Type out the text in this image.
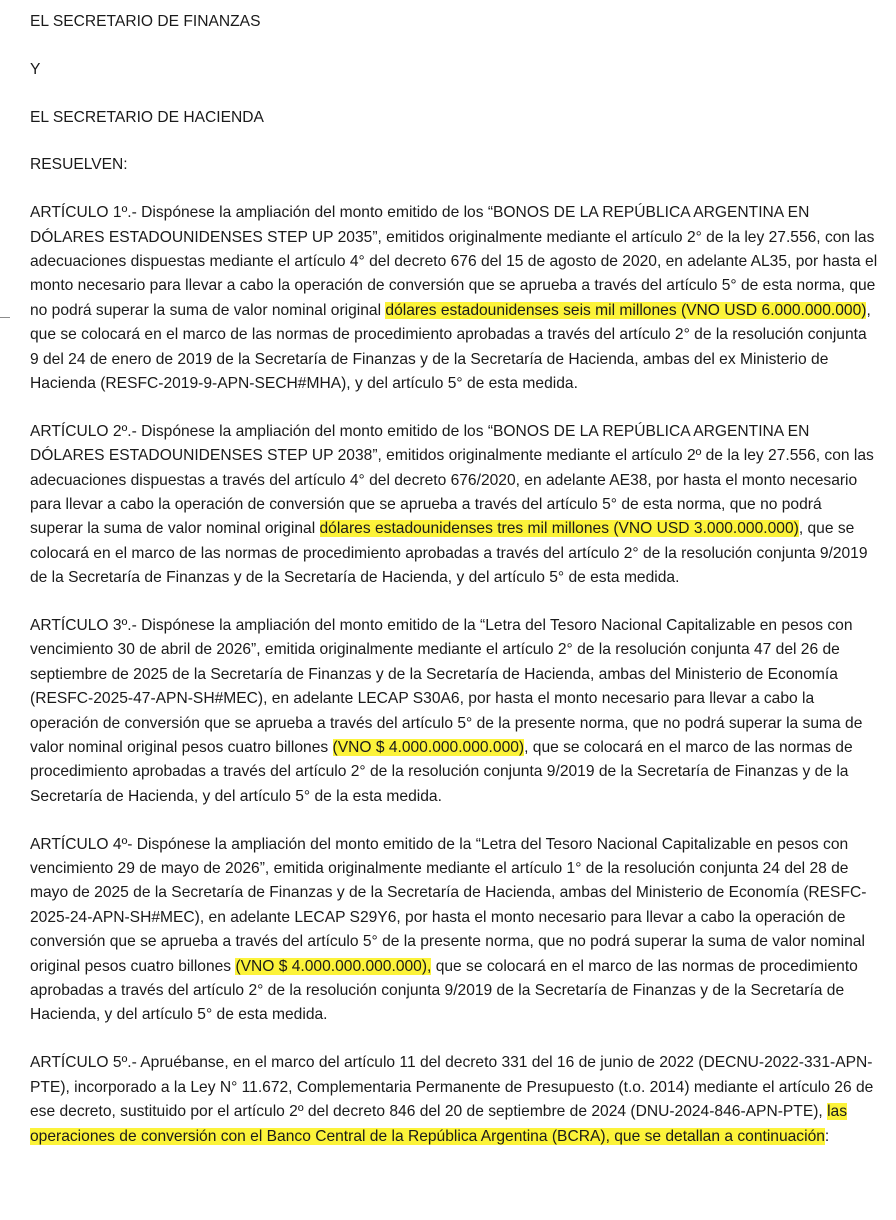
EL SECRETARIO DE FINANZAS

Y

EL SECRETARIO DE HACIENDA

RESUELVEN:

ARTÍCULO 1º.- Dispónese la ampliación del monto emitido de los “BONOS DE LA REPÚBLICA ARGENTINA EN DÓLARES ESTADOUNIDENSES STEP UP 2035”, emitidos originalmente mediante el artículo 2° de la ley 27.556, con las adecuaciones dispuestas mediante el artículo 4° del decreto 676 del 15 de agosto de 2020, en adelante AL35, por hasta el monto necesario para llevar a cabo la operación de conversión que se aprueba a través del artículo 5° de esta norma, que no podrá superar la suma de valor nominal original dólares estadounidenses seis mil millones (VNO USD 6.000.000.000), que se colocará en el marco de las normas de procedimiento aprobadas a través del artículo 2° de la resolución conjunta 9 del 24 de enero de 2019 de la Secretaría de Finanzas y de la Secretaría de Hacienda, ambas del ex Ministerio de Hacienda (RESFC-2019-9-APN-SECH#MHA), y del artículo 5° de esta medida.

ARTÍCULO 2º.- Dispónese la ampliación del monto emitido de los “BONOS DE LA REPÚBLICA ARGENTINA EN DÓLARES ESTADOUNIDENSES STEP UP 2038”, emitidos originalmente mediante el artículo 2º de la ley 27.556, con las adecuaciones dispuestas a través del artículo 4° del decreto 676/2020, en adelante AE38, por hasta el monto necesario para llevar a cabo la operación de conversión que se aprueba a través del artículo 5° de esta norma, que no podrá superar la suma de valor nominal original dólares estadounidenses tres mil millones (VNO USD 3.000.000.000), que se colocará en el marco de las normas de procedimiento aprobadas a través del artículo 2° de la resolución conjunta 9/2019 de la Secretaría de Finanzas y de la Secretaría de Hacienda, y del artículo 5° de esta medida.

ARTÍCULO 3º.- Dispónese la ampliación del monto emitido de la “Letra del Tesoro Nacional Capitalizable en pesos con vencimiento 30 de abril de 2026”, emitida originalmente mediante el artículo 2° de la resolución conjunta 47 del 26 de septiembre de 2025 de la Secretaría de Finanzas y de la Secretaría de Hacienda, ambas del Ministerio de Economía (RESFC-2025-47-APN-SH#MEC), en adelante LECAP S30A6, por hasta el monto necesario para llevar a cabo la operación de conversión que se aprueba a través del artículo 5° de la presente norma, que no podrá superar la suma de valor nominal original pesos cuatro billones (VNO $ 4.000.000.000.000), que se colocará en el marco de las normas de procedimiento aprobadas a través del artículo 2° de la resolución conjunta 9/2019 de la Secretaría de Finanzas y de la Secretaría de Hacienda, y del artículo 5° de la esta medida.

ARTÍCULO 4º- Dispónese la ampliación del monto emitido de la “Letra del Tesoro Nacional Capitalizable en pesos con vencimiento 29 de mayo de 2026”, emitida originalmente mediante el artículo 1° de la resolución conjunta 24 del 28 de mayo de 2025 de la Secretaría de Finanzas y de la Secretaría de Hacienda, ambas del Ministerio de Economía (RESFC-2025-24-APN-SH#MEC), en adelante LECAP S29Y6, por hasta el monto necesario para llevar a cabo la operación de conversión que se aprueba a través del artículo 5° de la presente norma, que no podrá superar la suma de valor nominal original pesos cuatro billones (VNO $ 4.000.000.000.000), que se colocará en el marco de las normas de procedimiento aprobadas a través del artículo 2° de la resolución conjunta 9/2019 de la Secretaría de Finanzas y de la Secretaría de Hacienda, y del artículo 5° de esta medida.

ARTÍCULO 5º.- Apruébanse, en el marco del artículo 11 del decreto 331 del 16 de junio de 2022 (DECNU-2022-331-APN-PTE), incorporado a la Ley N° 11.672, Complementaria Permanente de Presupuesto (t.o. 2014) mediante el artículo 26 de ese decreto, sustituido por el artículo 2º del decreto 846 del 20 de septiembre de 2024 (DNU-2024-846-APN-PTE), las operaciones de conversión con el Banco Central de la República Argentina (BCRA), que se detallan a continuación:
